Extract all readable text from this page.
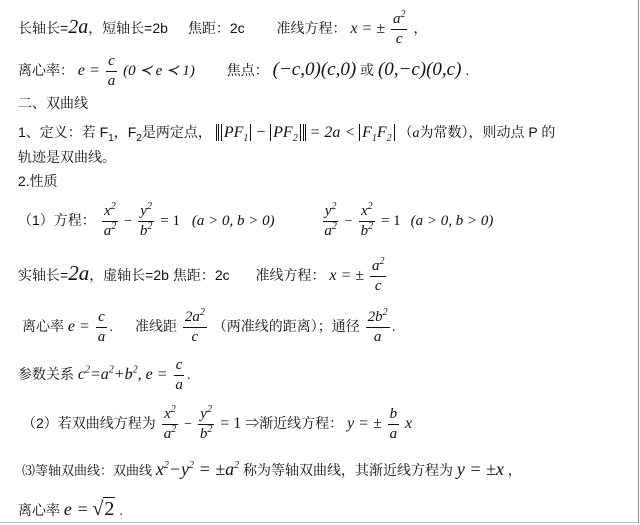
长轴长=2a，短轴长=2b 焦距：2c 准线方程： x = ± $\frac{a^2}{c}$ ，
离心率： $e = \frac{c}{a} (0$ ≺ e ≺ 1) 焦点： (−c,0)(c,0) 或 (0,−c)(0,c) .
二、双曲线
1、定义：若 $F_1$，$F_2$是两定点， $PF_1 - PF_2 = 2a < F_1F_2$ （a为常数），则动点 P 的
轨迹是双曲线。
2.性质
（1）方程： $\frac{x^2}{a^2} - \frac{y^2}{b^2} = 1$ (a > 0, b > 0)	$\frac{y^2}{a^2} - \frac{x^2}{b^2} = 1$ (a > 0, b > 0)
实轴长=2a，虚轴长=2b 焦距：2c 准线方程： x = ± $\frac{a^2}{c}$
离心率 $e = \frac{c}{a}$ . 准线距 $\frac{2a^2}{c}$ （两准线的距离）；通径 $\frac{2b^2}{a}$ .
参数关系 $c^2=a^2+b^2$, $e = \frac{c}{a}$ .
（2）若双曲线方程为 $\frac{x^2}{a^2} - \frac{y^2}{b^2} = 1$ ⇒渐近线方程： y = ± $\frac{b}{a}$ x
⑶等轴双曲线：双曲线 $x^2-y^2 = \pm a^2$ 称为等轴双曲线，其渐近线方程为 y = ±x ，
离心率 e = √2 .
